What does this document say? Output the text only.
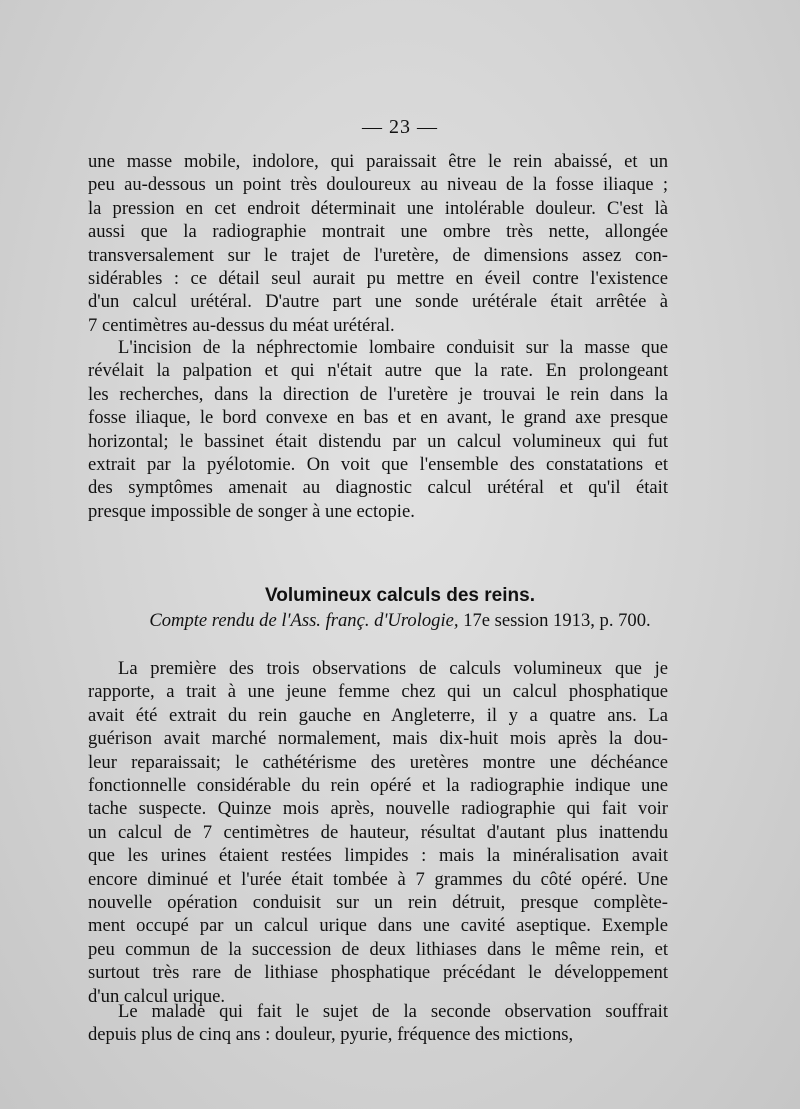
— 23 —

une masse mobile, indolore, qui paraissait être le rein abaissé, et un
peu au-dessous un point très douloureux au niveau de la fosse iliaque ;
la pression en cet endroit déterminait une intolérable douleur. C'est là
aussi que la radiographie montrait une ombre très nette, allongée
transversalement sur le trajet de l'uretère, de dimensions assez con-
sidérables : ce détail seul aurait pu mettre en éveil contre l'existence
d'un calcul urétéral. D'autre part une sonde urétérale était arrêtée à
7 centimètres au-dessus du méat urétéral.

L'incision de la néphrectomie lombaire conduisit sur la masse que
révélait la palpation et qui n'était autre que la rate. En prolongeant
les recherches, dans la direction de l'uretère je trouvai le rein dans la
fosse iliaque, le bord convexe en bas et en avant, le grand axe presque
horizontal; le bassinet était distendu par un calcul volumineux qui fut
extrait par la pyélotomie. On voit que l'ensemble des constatations et
des symptômes amenait au diagnostic calcul urétéral et qu'il était
presque impossible de songer à une ectopie.

Volumineux calculs des reins.
Compte rendu de l'Ass. franç. d'Urologie, 17e session 1913, p. 700.

La première des trois observations de calculs volumineux que je
rapporte, a trait à une jeune femme chez qui un calcul phosphatique
avait été extrait du rein gauche en Angleterre, il y a quatre ans. La
guérison avait marché normalement, mais dix-huit mois après la dou-
leur reparaissait; le cathétérisme des uretères montre une déchéance
fonctionnelle considérable du rein opéré et la radiographie indique une
tache suspecte. Quinze mois après, nouvelle radiographie qui fait voir
un calcul de 7 centimètres de hauteur, résultat d'autant plus inattendu
que les urines étaient restées limpides : mais la minéralisation avait
encore diminué et l'urée était tombée à 7 grammes du côté opéré. Une
nouvelle opération conduisit sur un rein détruit, presque complète-
ment occupé par un calcul urique dans une cavité aseptique. Exemple
peu commun de la succession de deux lithiases dans le même rein, et
surtout très rare de lithiase phosphatique précédant le développement
d'un calcul urique.

Le malade qui fait le sujet de la seconde observation souffrait
depuis plus de cinq ans : douleur, pyurie, fréquence des mictions,
